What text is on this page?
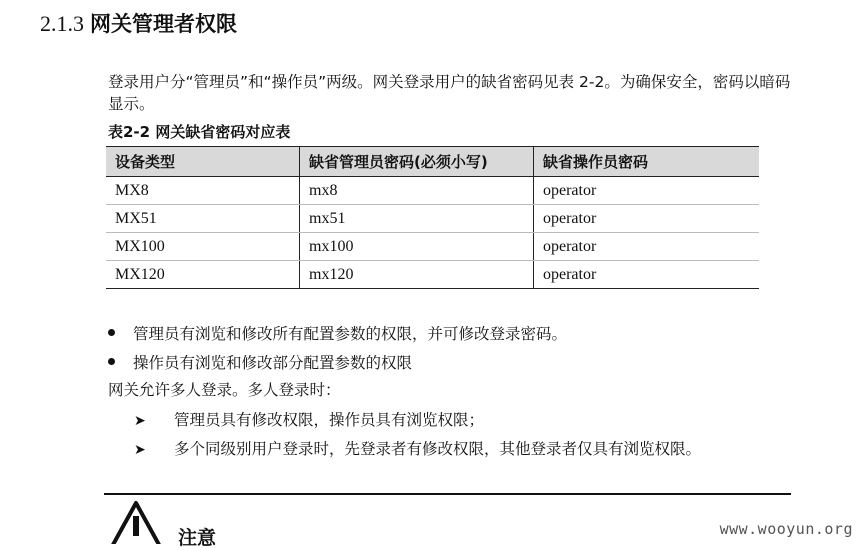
2.1.3 网关管理者权限
登录用户分“管理员”和“操作员”两级。网关登录用户的缺省密码见表 2-2。为确保安全，密码以暗码显示。
表2-2 网关缺省密码对应表
设备类型	缺省管理员密码(必须小写)	缺省操作员密码
MX8	mx8	operator
MX51	mx51	operator
MX100	mx100	operator
MX120	mx120	operator
管理员有浏览和修改所有配置参数的权限，并可修改登录密码。
操作员有浏览和修改部分配置参数的权限
网关允许多人登录。多人登录时：
➤ 管理员具有修改权限，操作员具有浏览权限；
➤ 多个同级别用户登录时，先登录者有修改权限，其他登录者仅具有浏览权限。
注意	www.wooyun.org
